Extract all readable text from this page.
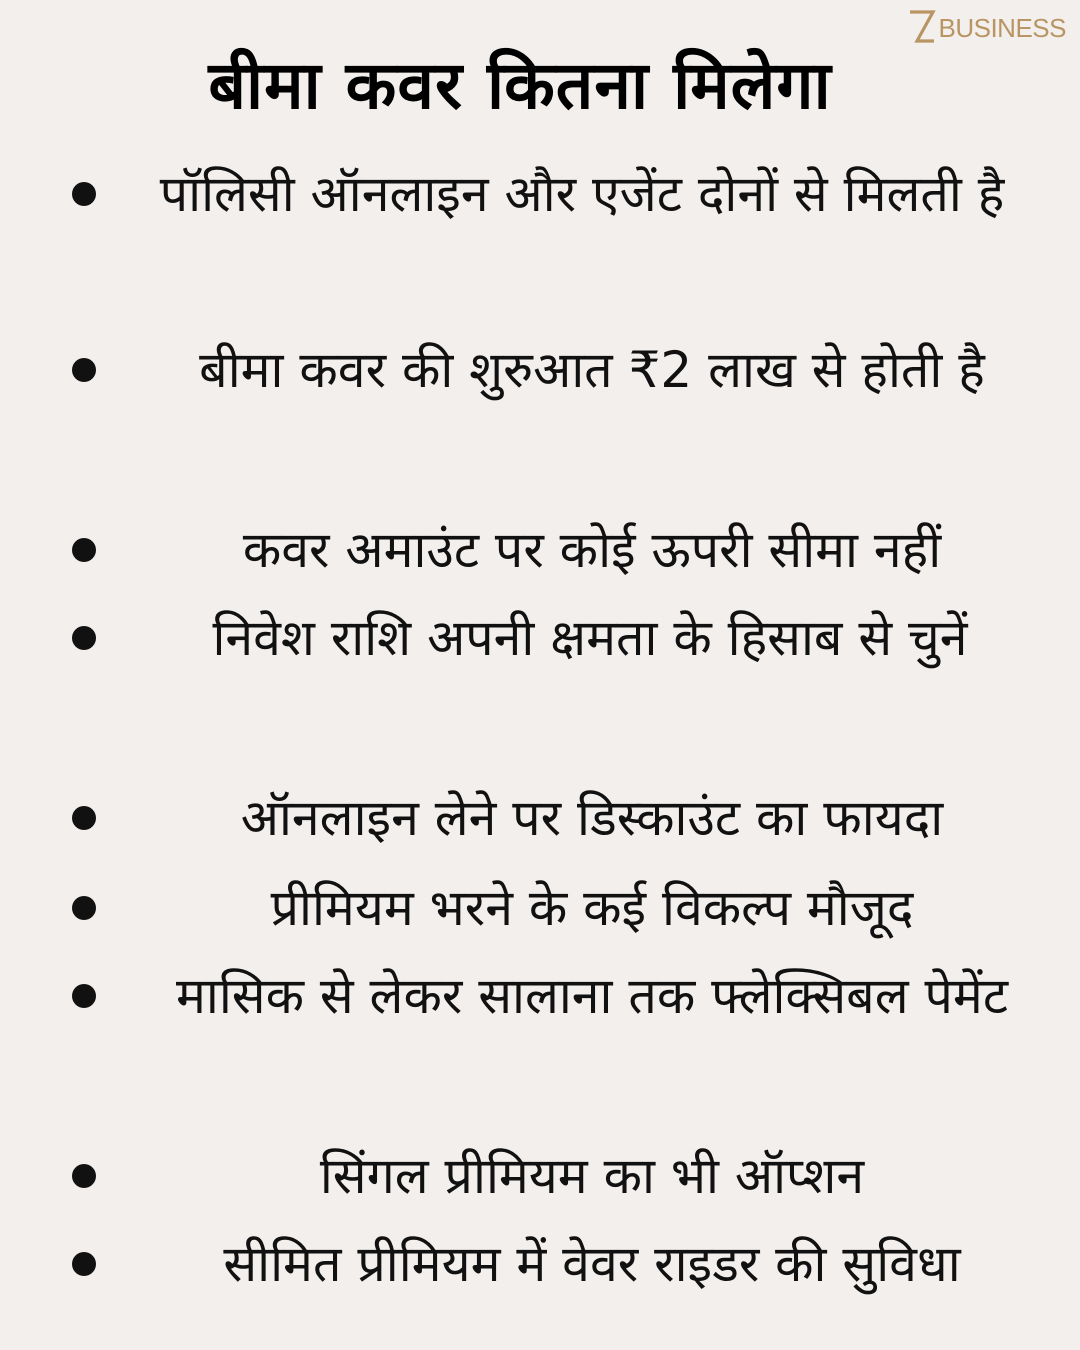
BUSINESS
बीमा कवर कितना मिलेगा

पॉलिसी ऑनलाइन और एजेंट दोनों से मिलती है

बीमा कवर की शुरुआत ₹2 लाख से होती है

कवर अमाउंट पर कोई ऊपरी सीमा नहीं

निवेश राशि अपनी क्षमता के हिसाब से चुनें

ऑनलाइन लेने पर डिस्काउंट का फायदा

प्रीमियम भरने के कई विकल्प मौजूद

मासिक से लेकर सालाना तक फ्लेक्सिबल पेमेंट

सिंगल प्रीमियम का भी ऑप्शन

सीमित प्रीमियम में वेवर राइडर की सुविधा
